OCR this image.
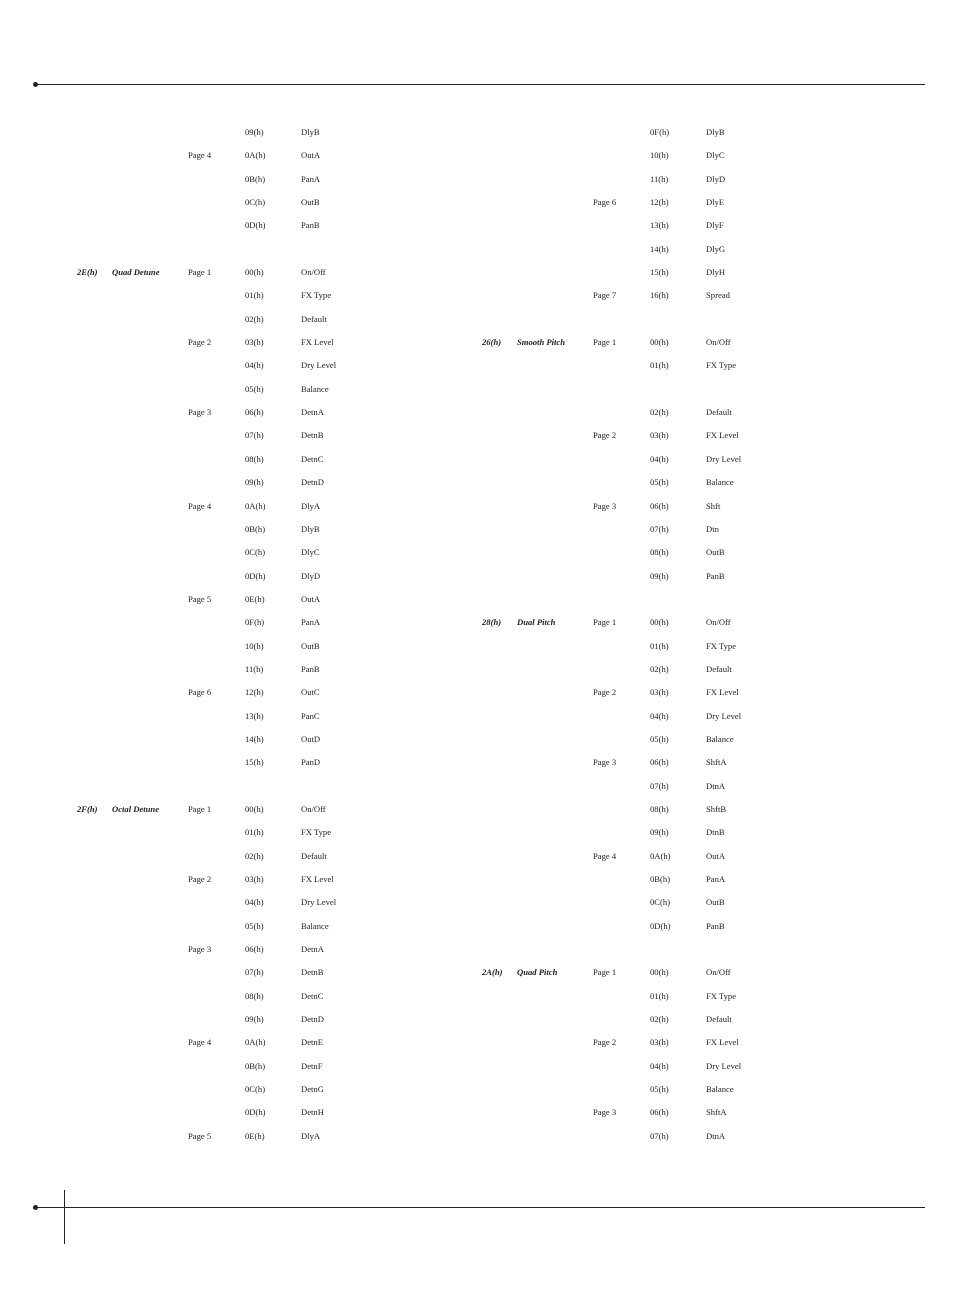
09(h)	DlyB
Page 4	0A(h)	OutA
0B(h)	PanA
0C(h)	OutB
0D(h)	PanB
2E(h) Quad Detune	Page 1	00(h)	On/Off
01(h)	FX Type
02(h)	Default
Page 2	03(h)	FX Level
04(h)	Dry Level
05(h)	Balance
Page 3	06(h)	DetnA
07(h)	DetnB
08(h)	DetnC
09(h)	DetnD
Page 4	0A(h)	DlyA
0B(h)	DlyB
0C(h)	DlyC
0D(h)	DlyD
Page 5	0E(h)	OutA
0F(h)	PanA
10(h)	OutB
11(h)	PanB
Page 6	12(h)	OutC
13(h)	PanC
14(h)	OutD
15(h)	PanD
2F(h) Octal Detune	Page 1	00(h)	On/Off
01(h)	FX Type
02(h)	Default
Page 2	03(h)	FX Level
04(h)	Dry Level
05(h)	Balance
Page 3	06(h)	DetnA
07(h)	DetnB
08(h)	DetnC
09(h)	DetnD
Page 4	0A(h)	DetnE
0B(h)	DetnF
0C(h)	DetnG
0D(h)	DetnH
Page 5	0E(h)	DlyA
0F(h)	DlyB
10(h)	DlyC
11(h)	DlyD
Page 6	12(h)	DlyE
13(h)	DlyF
14(h)	DlyG
15(h)	DlyH
Page 7	16(h)	Spread
26(h) Smooth Pitch	Page 1	00(h)	On/Off
01(h)	FX Type
02(h)	Default
Page 2	03(h)	FX Level
04(h)	Dry Level
05(h)	Balance
Page 3	06(h)	Shft
07(h)	Dtn
08(h)	OutB
09(h)	PanB
28(h) Dual Pitch	Page 1	00(h)	On/Off
01(h)	FX Type
02(h)	Default
Page 2	03(h)	FX Level
04(h)	Dry Level
05(h)	Balance
Page 3	06(h)	ShftA
07(h)	DtnA
08(h)	ShftB
09(h)	DtnB
Page 4	0A(h)	OutA
0B(h)	PanA
0C(h)	OutB
0D(h)	PanB
2A(h) Quad Pitch	Page 1	00(h)	On/Off
01(h)	FX Type
02(h)	Default
Page 2	03(h)	FX Level
04(h)	Dry Level
05(h)	Balance
Page 3	06(h)	ShftA
07(h)	DtnA
